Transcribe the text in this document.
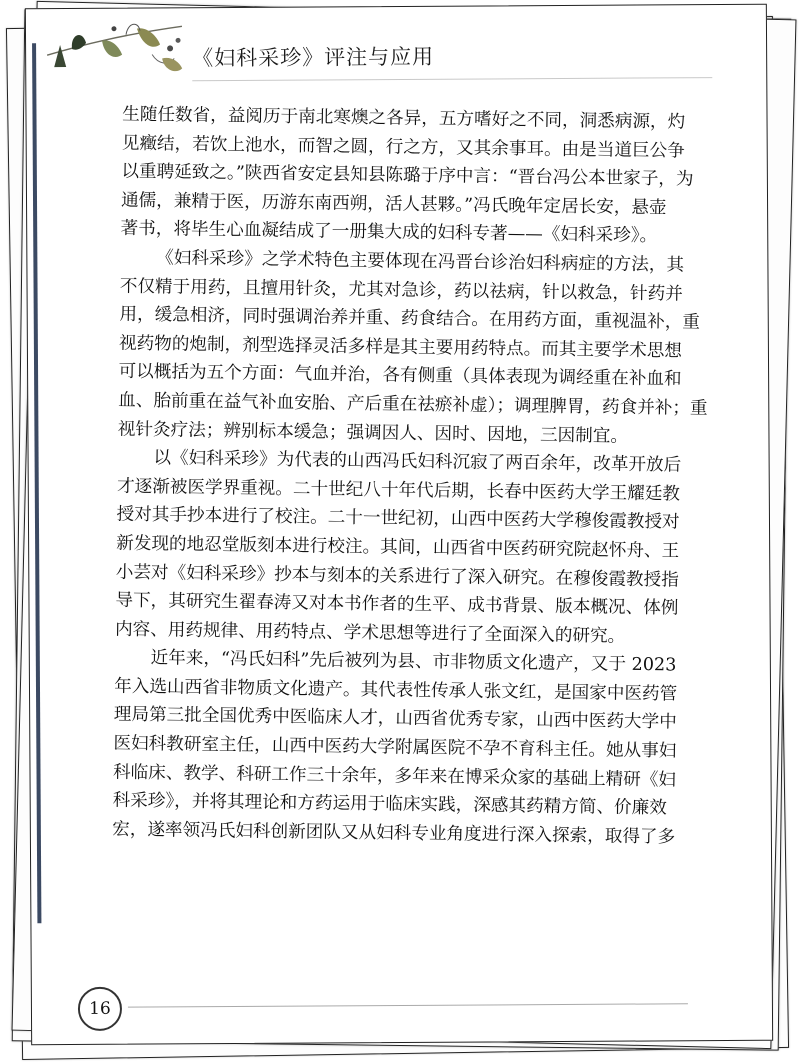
《妇科采珍》评注与应用
生随任数省，益阅历于南北寒燠之各异，五方嗜好之不同，洞悉病源，灼
见癥结，若饮上池水，而智之圆，行之方，又其余事耳。由是当道巨公争
以重聘延致之。”陕西省安定县知县陈璐于序中言：“晋台冯公本世家子，为
通儒，兼精于医，历游东南西朔，活人甚夥。”冯氏晚年定居长安，悬壶
著书，将毕生心血凝结成了一册集大成的妇科专著——《妇科采珍》。
《妇科采珍》之学术特色主要体现在冯晋台诊治妇科病症的方法，其
不仅精于用药，且擅用针灸，尤其对急诊，药以祛病，针以救急，针药并
用，缓急相济，同时强调治养并重、药食结合。在用药方面，重视温补，重
视药物的炮制，剂型选择灵活多样是其主要用药特点。而其主要学术思想
可以概括为五个方面：气血并治，各有侧重（具体表现为调经重在补血和
血、胎前重在益气补血安胎、产后重在祛瘀补虚）；调理脾胃，药食并补；重
视针灸疗法；辨别标本缓急；强调因人、因时、因地，三因制宜。
以《妇科采珍》为代表的山西冯氏妇科沉寂了两百余年，改革开放后
才逐渐被医学界重视。二十世纪八十年代后期，长春中医药大学王耀廷教
授对其手抄本进行了校注。二十一世纪初，山西中医药大学穆俊霞教授对
新发现的地忍堂版刻本进行校注。其间，山西省中医药研究院赵怀舟、王
小芸对《妇科采珍》抄本与刻本的关系进行了深入研究。在穆俊霞教授指
导下，其研究生翟春涛又对本书作者的生平、成书背景、版本概况、体例
内容、用药规律、用药特点、学术思想等进行了全面深入的研究。
近年来，“冯氏妇科”先后被列为县、市非物质文化遗产，又于 2023
年入选山西省非物质文化遗产。其代表性传承人张文红，是国家中医药管
理局第三批全国优秀中医临床人才，山西省优秀专家，山西中医药大学中
医妇科教研室主任，山西中医药大学附属医院不孕不育科主任。她从事妇
科临床、教学、科研工作三十余年，多年来在博采众家的基础上精研《妇
科采珍》，并将其理论和方药运用于临床实践，深感其药精方简、价廉效
宏，遂率领冯氏妇科创新团队又从妇科专业角度进行深入探索，取得了多
16
